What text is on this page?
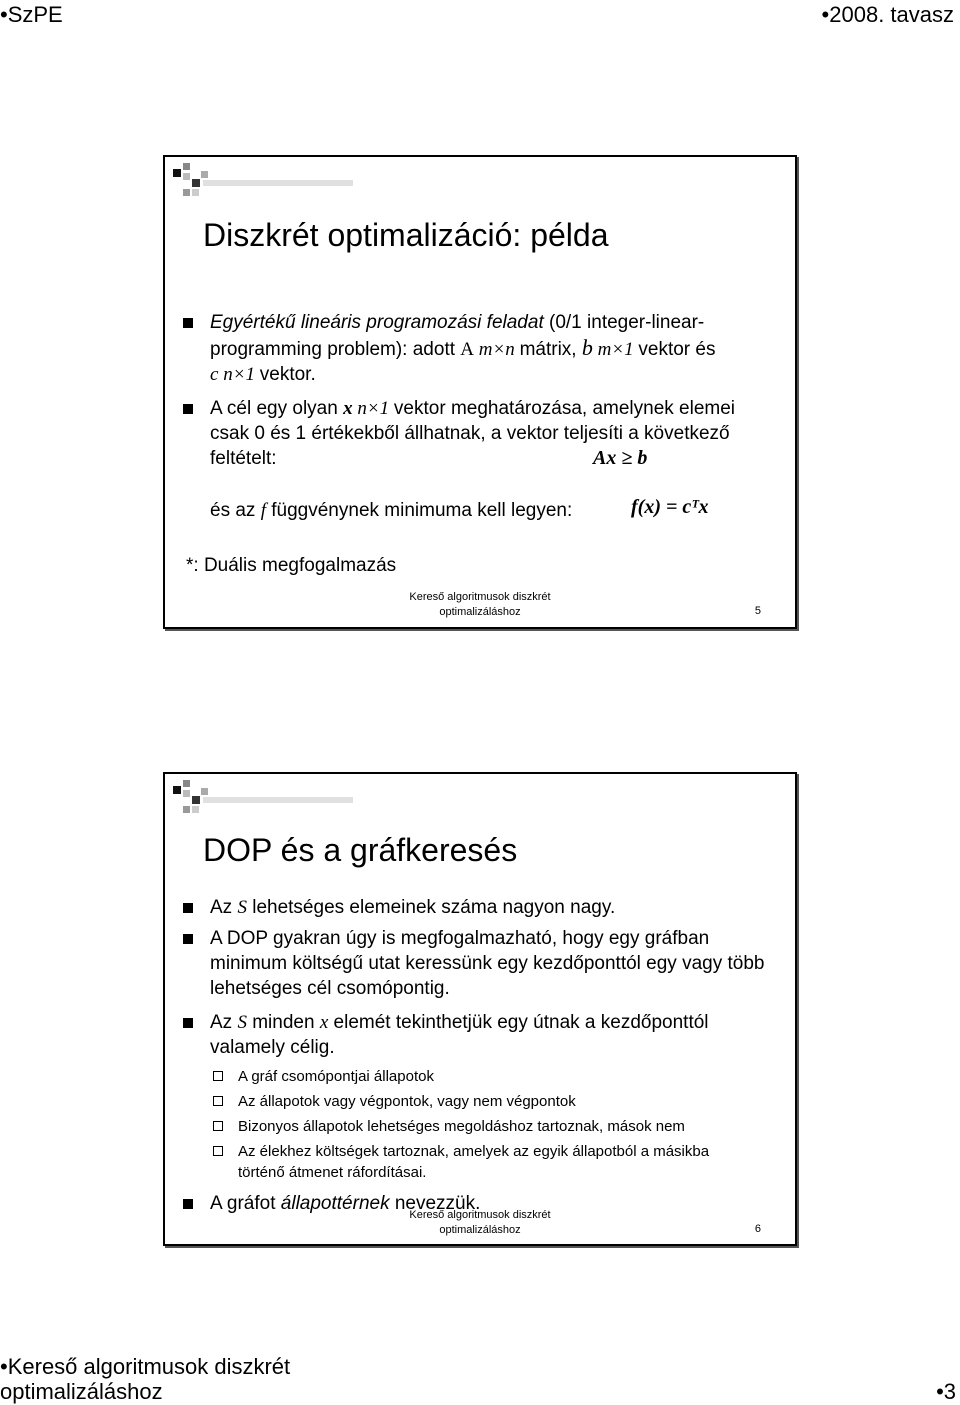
•SzPE	•2008. tavasz
Diszkrét optimalizáció: példa
Egyértékű lineáris programozási feladat (0/1 integer-linear-programming problem): adott A m×n mátrix, b m×1 vektor és
c n×1 vektor.
A cél egy olyan x n×1 vektor meghatározása, amelynek elemei csak 0 és 1 értékekből állhatnak, a vektor teljesíti a következő feltételt:	Ax ≥ b
és az f függvénynek minimuma kell legyen:	f(x) = cᵀx
*: Duális megfogalmazás
Kereső algoritmusok diszkrét
optimalizáláshoz	5
DOP és a gráfkeresés
Az S lehetséges elemeinek száma nagyon nagy.
A DOP gyakran úgy is megfogalmazható, hogy egy gráfban minimum költségű utat keressünk egy kezdőponttól egy vagy több lehetséges cél csomópontig.
Az S minden x elemét tekinthetjük egy útnak a kezdőponttól valamely célig.
A gráf csomópontjai állapotok
Az állapotok vagy végpontok, vagy nem végpontok
Bizonyos állapotok lehetséges megoldáshoz tartoznak, mások nem
Az élekhez költségek tartoznak, amelyek az egyik állapotból a másikba történő átmenet ráfordításai.
A gráfot állapottérnek nevezzük.
Kereső algoritmusok diszkrét
optimalizáláshoz	6
•Kereső algoritmusok diszkrét
optimalizáláshoz	•3
